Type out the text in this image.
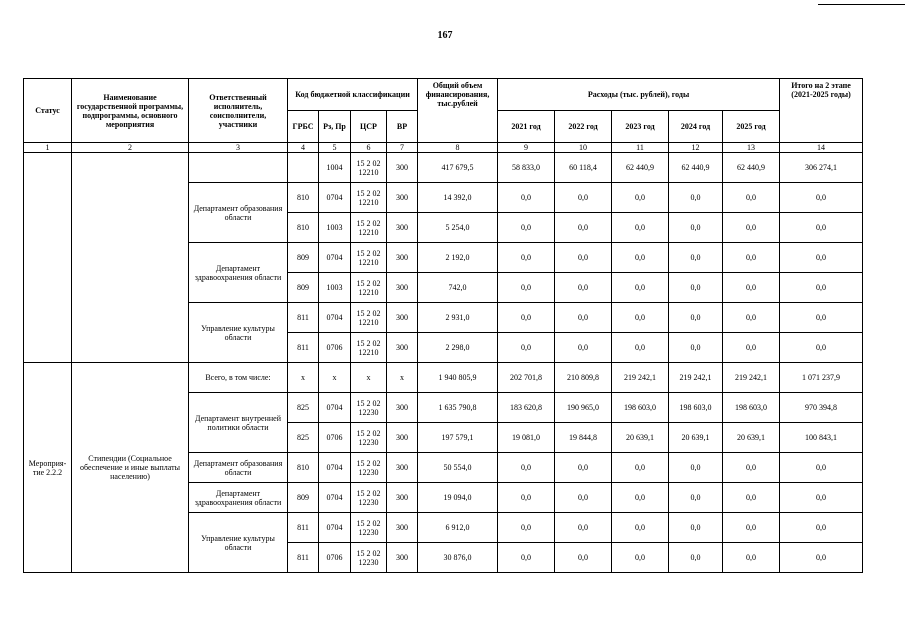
167
Статус	Наименование государственной программы, подпрограммы, основного мероприятия	Ответственный исполнитель, соисполнители, участники	Код бюджетной классификации				Общий объем финансирования, тыс.рублей	Расходы (тыс. рублей), годы					Итого на 2 этапе (2021-2025 годы)
			ГРБС	Рз, Пр	ЦСР	ВР		2021 год	2022 год	2023 год	2024 год	2025 год	
1	2	3	4	5	6	7	8	9	10	11	12	13	14
				1004	15 2 02 12210	300	417 679,5	58 833,0	60 118,4	62 440,9	62 440,9	62 440,9	306 274,1
		Департамент образования области	810	0704	15 2 02 12210	300	14 392,0	0,0	0,0	0,0	0,0	0,0	0,0
			810	1003	15 2 02 12210	300	5 254,0	0,0	0,0	0,0	0,0	0,0	0,0
		Департамент здравоохранения области	809	0704	15 2 02 12210	300	2 192,0	0,0	0,0	0,0	0,0	0,0	0,0
			809	1003	15 2 02 12210	300	742,0	0,0	0,0	0,0	0,0	0,0	0,0
		Управление культуры области	811	0704	15 2 02 12210	300	2 931,0	0,0	0,0	0,0	0,0	0,0	0,0
			811	0706	15 2 02 12210	300	2 298,0	0,0	0,0	0,0	0,0	0,0	0,0
Мероприя-тие 2.2.2	Стипендии (Социальное обеспечение и иные выплаты населению)	Всего, в том числе:	x	x	x	x	1 940 805,9	202 701,8	210 809,8	219 242,1	219 242,1	219 242,1	1 071 237,9
		Департамент внутренней политики области	825	0704	15 2 02 12230	300	1 635 790,8	183 620,8	190 965,0	198 603,0	198 603,0	198 603,0	970 394,8
			825	0706	15 2 02 12230	300	197 579,1	19 081,0	19 844,8	20 639,1	20 639,1	20 639,1	100 843,1
		Департамент образования области	810	0704	15 2 02 12230	300	50 554,0	0,0	0,0	0,0	0,0	0,0	0,0
		Департамент здравоохранения области	809	0704	15 2 02 12230	300	19 094,0	0,0	0,0	0,0	0,0	0,0	0,0
		Управление культуры области	811	0704	15 2 02 12230	300	6 912,0	0,0	0,0	0,0	0,0	0,0	0,0
			811	0706	15 2 02 12230	300	30 876,0	0,0	0,0	0,0	0,0	0,0	0,0
